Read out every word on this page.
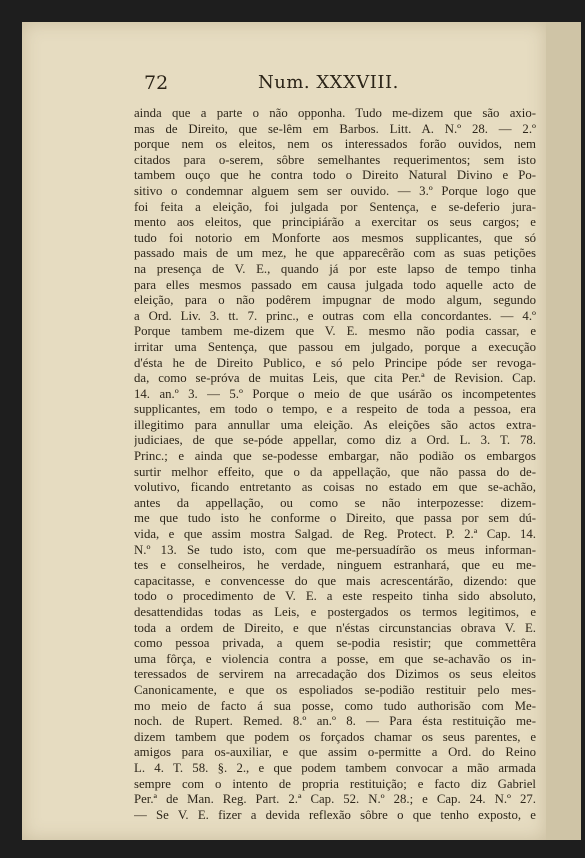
72	Num. XXXVIII.
ainda que a parte o não opponha. Tudo me-dizem que são axio-
mas de Direito, que se-lêm em Barbos. Litt. A. N.º 28. — 2.º
porque nem os eleitos, nem os interessados forão ouvidos, nem
citados para o-serem, sôbre semelhantes requerimentos; sem isto
tambem ouço que he contra todo o Direito Natural Divino e Po-
sitivo o condemnar alguem sem ser ouvido. — 3.º Porque logo que
foi feita a eleição, foi julgada por Sentença, e se-deferio jura-
mento aos eleitos, que principiárão a exercitar os seus cargos; e
tudo foi notorio em Monforte aos mesmos supplicantes, que só
passado mais de um mez, he que apparecêrão com as suas petições
na presença de V. E., quando já por este lapso de tempo tinha
para elles mesmos passado em causa julgada todo aquelle acto de
eleição, para o não podêrem impugnar de modo algum, segundo
a Ord. Liv. 3. tt. 7. princ., e outras com ella concordantes. — 4.º
Porque tambem me-dizem que V. E. mesmo não podia cassar, e
irritar uma Sentença, que passou em julgado, porque a execução
d'ésta he de Direito Publico, e só pelo Principe póde ser revoga-
da, como se-próva de muitas Leis, que cita Per.ª de Revision. Cap.
14. an.º 3. — 5.º Porque o meio de que usárão os incompetentes
supplicantes, em todo o tempo, e a respeito de toda a pessoa, era
illegitimo para annullar uma eleição. As eleições são actos extra-
judiciaes, de que se-póde appellar, como diz a Ord. L. 3. T. 78.
Princ.; e ainda que se-podesse embargar, não podião os embargos
surtir melhor effeito, que o da appellação, que não passa do de-
volutivo, ficando entretanto as coisas no estado em que se-achão,
antes da appellação, ou como se não interpozesse: dizem-
me que tudo isto he conforme o Direito, que passa por sem dú-
vida, e que assim mostra Salgad. de Reg. Protect. P. 2.ª Cap. 14.
N.º 13. Se tudo isto, com que me-persuadírão os meus informan-
tes e conselheiros, he verdade, ninguem estranhará, que eu me-
capacitasse, e convencesse do que mais acrescentárão, dizendo: que
todo o procedimento de V. E. a este respeito tinha sido absoluto,
desattendidas todas as Leis, e postergados os termos legitimos, e
toda a ordem de Direito, e que n'éstas circunstancias obrava V. E.
como pessoa privada, a quem se-podia resistir; que commettêra
uma fôrça, e violencia contra a posse, em que se-achavão os in-
teressados de servirem na arrecadação dos Dizimos os seus eleitos
Canonicamente, e que os espoliados se-podião restituir pelo mes-
mo meio de facto á sua posse, como tudo authorisão com Me-
noch. de Rupert. Remed. 8.º an.º 8. — Para ésta restituição me-
dizem tambem que podem os forçados chamar os seus parentes, e
amigos para os-auxiliar, e que assim o-permitte a Ord. do Reino
L. 4. T. 58. §. 2., e que podem tambem convocar a mão armada
sempre com o intento de propria restituição; e facto diz Gabriel
Per.ª de Man. Reg. Part. 2.ª Cap. 52. N.º 28.; e Cap. 24. N.º 27.
— Se V. E. fizer a devida reflexão sôbre o que tenho exposto, e
